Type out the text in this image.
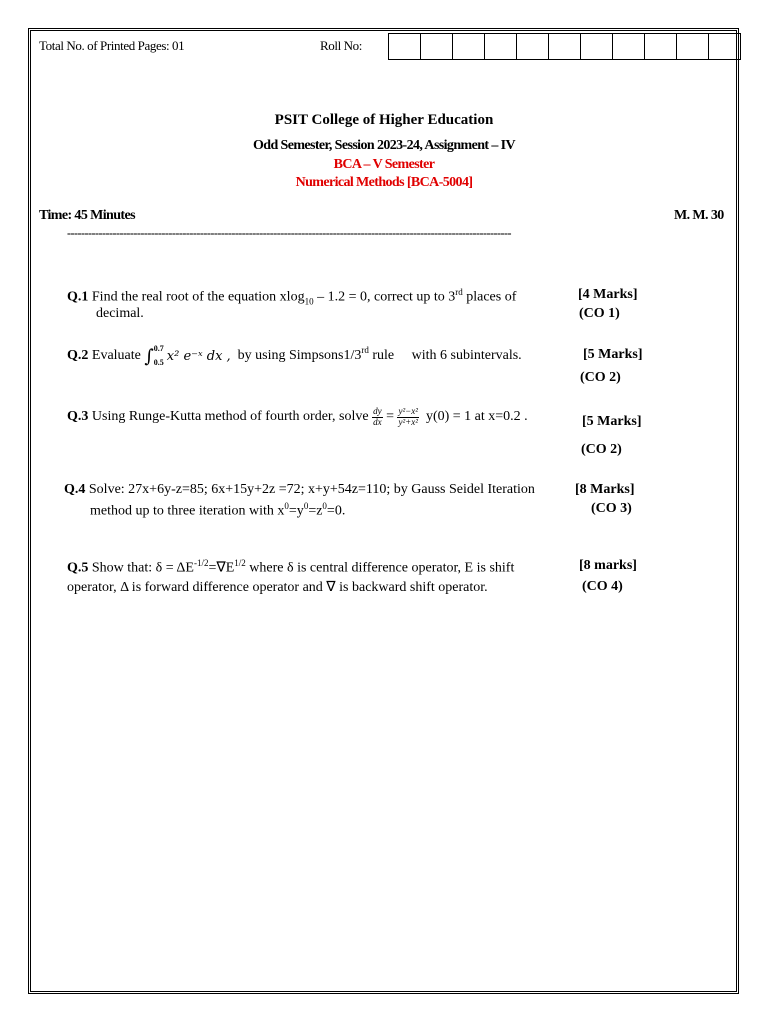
Total No. of Printed Pages: 01	Roll No:
PSIT College of Higher Education
Odd Semester, Session 2023-24, Assignment – IV
BCA – V Semester
Numerical Methods [BCA-5004]
Time: 45 Minutes	M. M. 30
-------------------------------------------------------------------------------------------------------------------------------
Q.1 Find the real root of the equation xlog$_{10}$ – 1.2 = 0, correct up to 3rd places of
decimal.
[4 Marks]
(CO 1)
Q.2 Evaluate ∫ 0.7
0.5 x² e⁻ˣ dx , by using Simpsons1/3rd rule     with 6 subintervals.	[5 Marks]
(CO 2)
Q.3 Using Runge-Kutta method of fourth order, solve $\frac{dy}{dx} = \frac{\text{y²−x²}}{\text{y²+x²}} y(0) = 1$ at x=0.2 .	[5 Marks]
(CO 2)
Q.4 Solve: 27x+6y-z=85; 6x+15y+2z =72; x+y+54z=110; by Gauss Seidel Iteration
method up to three iteration with $x^0=y^0=z^0=0$.
[8 Marks]
(CO 3)
Q.5 Show that: $\delta = \Delta E^{-1/2}=\nabla E^{1/2}$ where δ is central difference operator, E is shift
operator, Δ is forward difference operator and ∇ is backward shift operator.
[8 marks]
(CO 4)
